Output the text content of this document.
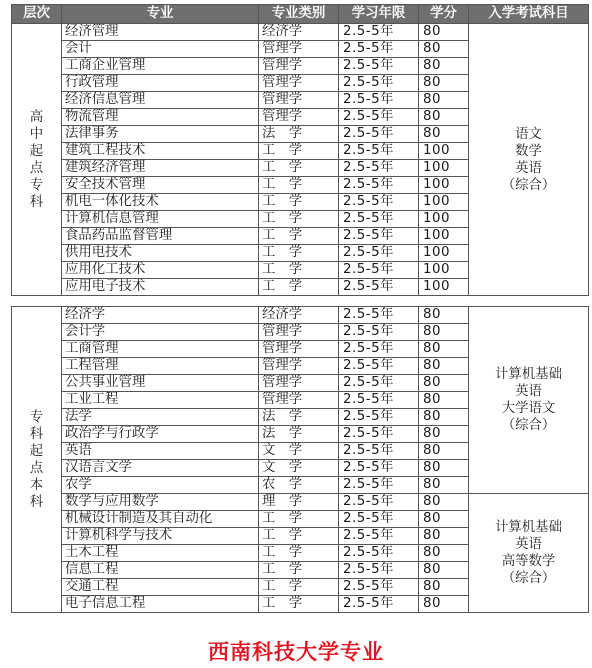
层次	专业	专业类别	学习年限	学分	入学考试科目

高中起点专科	经济管理	经济学	2.5-5年	80	语文
数学
英语
（综合）

	会计	管理学	2.5-5年	80	
	工商企业管理	管理学	2.5-5年	80	
	行政管理	管理学	2.5-5年	80	
	经济信息管理	管理学	2.5-5年	80	
	物流管理	管理学	2.5-5年	80	
	法律事务	法　学	2.5-5年	80	
	建筑工程技术	工　学	2.5-5年	100	
	建筑经济管理	工　学	2.5-5年	100	
	安全技术管理	工　学	2.5-5年	100	
	机电一体化技术	工　学	2.5-5年	100	
	计算机信息管理	工　学	2.5-5年	100	
	食品药品监督管理	工　学	2.5-5年	100	
	供用电技术	工　学	2.5-5年	100	
	应用化工技术	工　学	2.5-5年	100	
	应用电子技术	工　学	2.5-5年	100	

专科起点本科	经济学	经济学	2.5-5年	80	计算机基础
英语
大学语文
（综合）

	会计学	管理学	2.5-5年	80	
	工商管理	管理学	2.5-5年	80	
	工程管理	管理学	2.5-5年	80	
	公共事业管理	管理学	2.5-5年	80	
	工业工程	管理学	2.5-5年	80	
	法学	法　学	2.5-5年	80	
	政治学与行政学	法　学	2.5-5年	80	
	英语	文　学	2.5-5年	80	
	汉语言文学	文　学	2.5-5年	80	
	农学	农　学	2.5-5年	80	
	数学与应用数学	理　学	2.5-5年	80	计算机基础
英语
高等数学
（综合）

	机械设计制造及其自动化	工　学	2.5-5年	80	
	计算机科学与技术	工　学	2.5-5年	80	
	土木工程	工　学	2.5-5年	80	
	信息工程	工　学	2.5-5年	80	
	交通工程	工　学	2.5-5年	80	
	电子信息工程	工　学	2.5-5年	80	
西南科技大学专业
